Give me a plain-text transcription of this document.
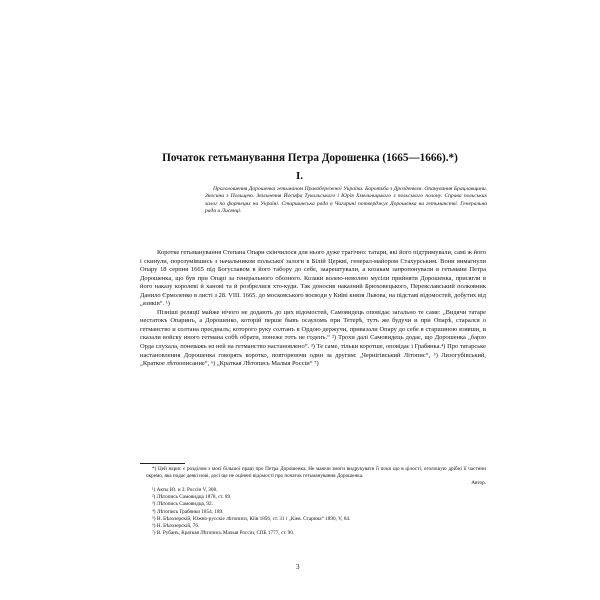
Початок гетьманування Петра Дорошенка (1665—1666).*)
I.
Проголошення Дорошенка гетьманом Правобережної України. Боротьба з Дрозденком. Опанування Брацлавщини. Зносини з Польщею. Звільнення Йосифа Тукальського і Юрія Хмельницького з польського полону. Справа польських залог по фортецях на Україні. Старшинська рада в Чигирині потверджує Дорошенка на гетьманстві. Генеральна рада в Лисянці.

Коротке гетьманування Степана Опари скінчилося для нього дуже трагічно: татари, які його підтримували, самі ж його і скинули, порозумівшись з начальником польської залоги в Білій Церкві, генерал-майором Стахурським. Вони вимагнули Опару 18 серпня 1665 під Богуславом в його табору до себе, заарештували, а козакам запропонували в гетьмани Петра Дорошенка, що був при Опарі за генерального обозного. Козаки волею-неволею мусіли прийняти Дорошенка, присягли в його наказу королеві й ханові та й розбрелися хто-куди. Так доносив наказний Брюховецького, Переяславський полковник Данило Єрмоленко в листі з 28. VIII. 1665. до московського воєводи у Київі князя Львова, на підставі відомостей, добутих від „язиків“. ¹)

Пізніші реляції майже нічого не додають до цих відомостей, Самовидець оповідає загально те саме: „Видячи татаре нестатокъ Опаринъ, а Дорошенко, которій перше бывъ осауломъ при Тетерѣ, тутъ же будучи и при Опарѣ, старался о гетманство и солтана преєдналъ; которого руку солтанъ в Ордою держучи, привазали Опару до себе в старшиною взявши, и сказали войску иного гетмана собѣ обрати, понеже тотъ не годенъ.“ ²) Трохи далі Самовидець додає, що Дорошенка „барзо Орда слухала, поневажъ из ней на гетманство настановлено“. ³) Те саме, тільки коротше, оповідає і Грабянка.⁴) Про татарське настановлення Дорошенка говорять коротко, повторюючи один за другим: „Чернігівський Літопис“, ⁵) Лизогубівський, „Краткое лѣтоописание“, ⁶) „Краткая Лѣтопись Малыя Россіи“ ⁷)

*) Цей нарис є розділом з моєї більшої праці про Петра Дорошенка. Не маючи змоги видрукувати її поки що в цілості, оголошую дрібні її частини окремо, яка подає деякі нові, досі ще не оцінені відомості про початок гетьманування Дорошенка.

Автор.

¹) Акты Ю. и З. Россіи V, 308.

²) Лѣтопись Самовидца 1878, ст. 89.

³) Лѣтопись Самовидца, 92.

⁴) Лѣтопись Грабянки 1854, 189.

⁵) Н. Бѣлозерскій, Южно-русскіе лѣтописи, Кіїв 1856, ст. 31 і „Кіев. Старина“ 1890, V, 84.

⁶) Н. Бѣлозерскій, 76.

⁷) В. Рубанъ, Краткая Лѣтопись Малыя Россіи, СПБ 1777, ст. 90.

3
